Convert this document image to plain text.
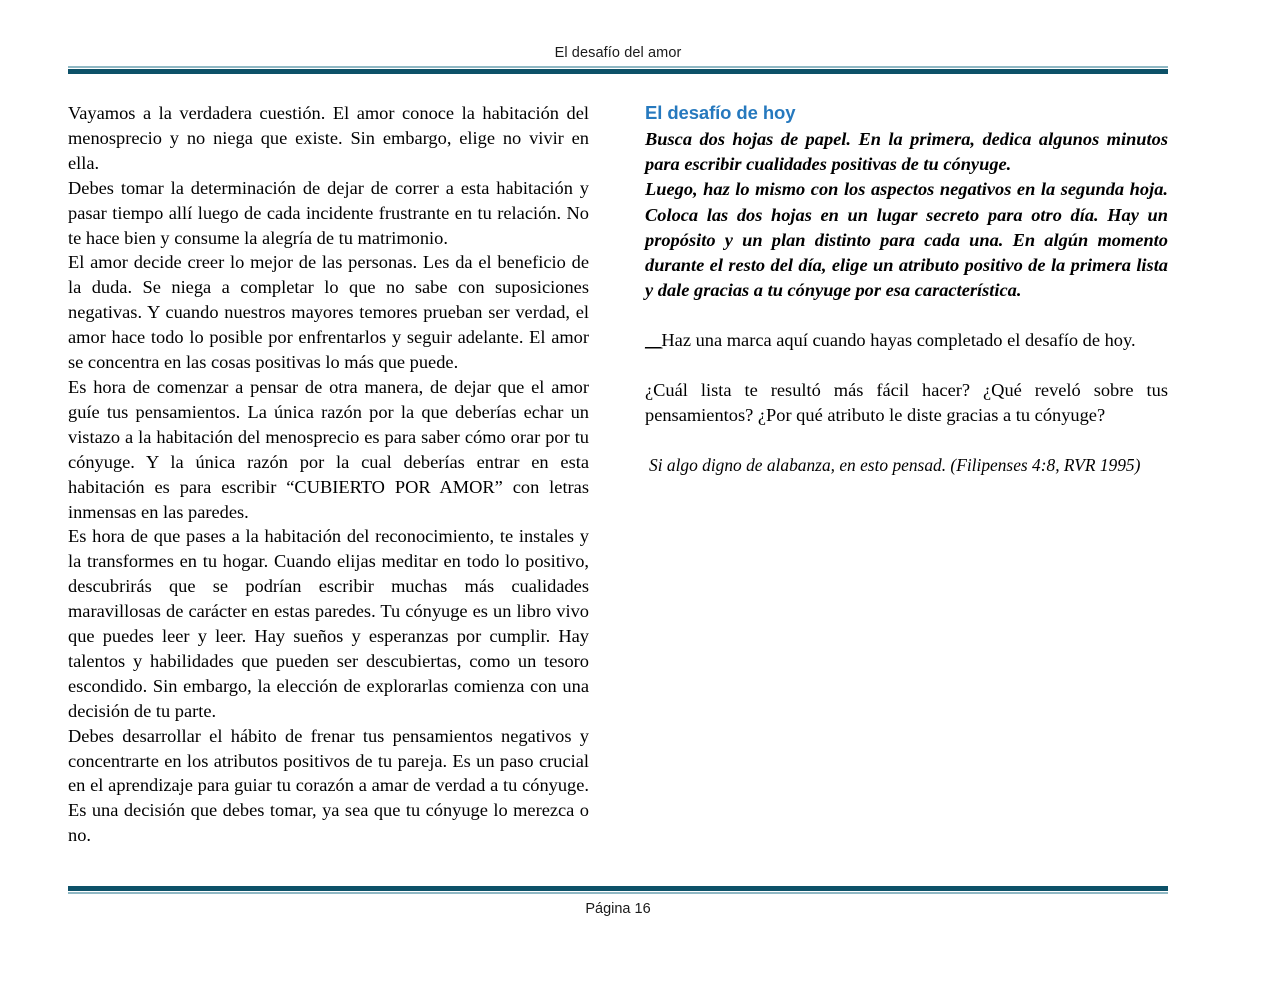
El desafío del amor

Vayamos a la verdadera cuestión. El amor conoce la habitación del menosprecio y no niega que existe. Sin embargo, elige no vivir en ella.

Debes tomar la determinación de dejar de correr a esta habitación y pasar tiempo allí luego de cada incidente frustrante en tu relación. No te hace bien y consume la alegría de tu matrimonio.

El amor decide creer lo mejor de las personas. Les da el beneficio de la duda. Se niega a completar lo que no sabe con suposiciones negativas. Y cuando nuestros mayores temores prueban ser verdad, el amor hace todo lo posible por enfrentarlos y seguir adelante. El amor se concentra en las cosas positivas lo más que puede.

Es hora de comenzar a pensar de otra manera, de dejar que el amor guíe tus pensamientos. La única razón por la que deberías echar un vistazo a la habitación del menosprecio es para saber cómo orar por tu cónyuge. Y la única razón por la cual deberías entrar en esta habitación es para escribir “CUBIERTO POR AMOR” con letras inmensas en las paredes.

Es hora de que pases a la habitación del reconocimiento, te instales y la transformes en tu hogar. Cuando elijas meditar en todo lo positivo, descubrirás que se podrían escribir muchas más cualidades maravillosas de carácter en estas paredes. Tu cónyuge es un libro vivo que puedes leer y leer. Hay sueños y esperanzas por cumplir. Hay talentos y habilidades que pueden ser descubiertas, como un tesoro escondido. Sin embargo, la elección de explorarlas comienza con una decisión de tu parte.

Debes desarrollar el hábito de frenar tus pensamientos negativos y concentrarte en los atributos positivos de tu pareja. Es un paso crucial en el aprendizaje para guiar tu corazón a amar de verdad a tu cónyuge. Es una decisión que debes tomar, ya sea que tu cónyuge lo merezca o no.

El desafío de hoy

Busca dos hojas de papel. En la primera, dedica algunos minutos para escribir cualidades positivas de tu cónyuge.

Luego, haz lo mismo con los aspectos negativos en la segunda hoja. Coloca las dos hojas en un lugar secreto para otro día. Hay un propósito y un plan distinto para cada una. En algún momento durante el resto del día, elige un atributo positivo de la primera lista y dale gracias a tu cónyuge por esa característica.

__Haz una marca aquí cuando hayas completado el desafío de hoy.

¿Cuál lista te resultó más fácil hacer? ¿Qué reveló sobre tus pensamientos? ¿Por qué atributo le diste gracias a tu cónyuge?

Si algo digno de alabanza, en esto pensad. (Filipenses 4:8, RVR 1995)

Página 16
